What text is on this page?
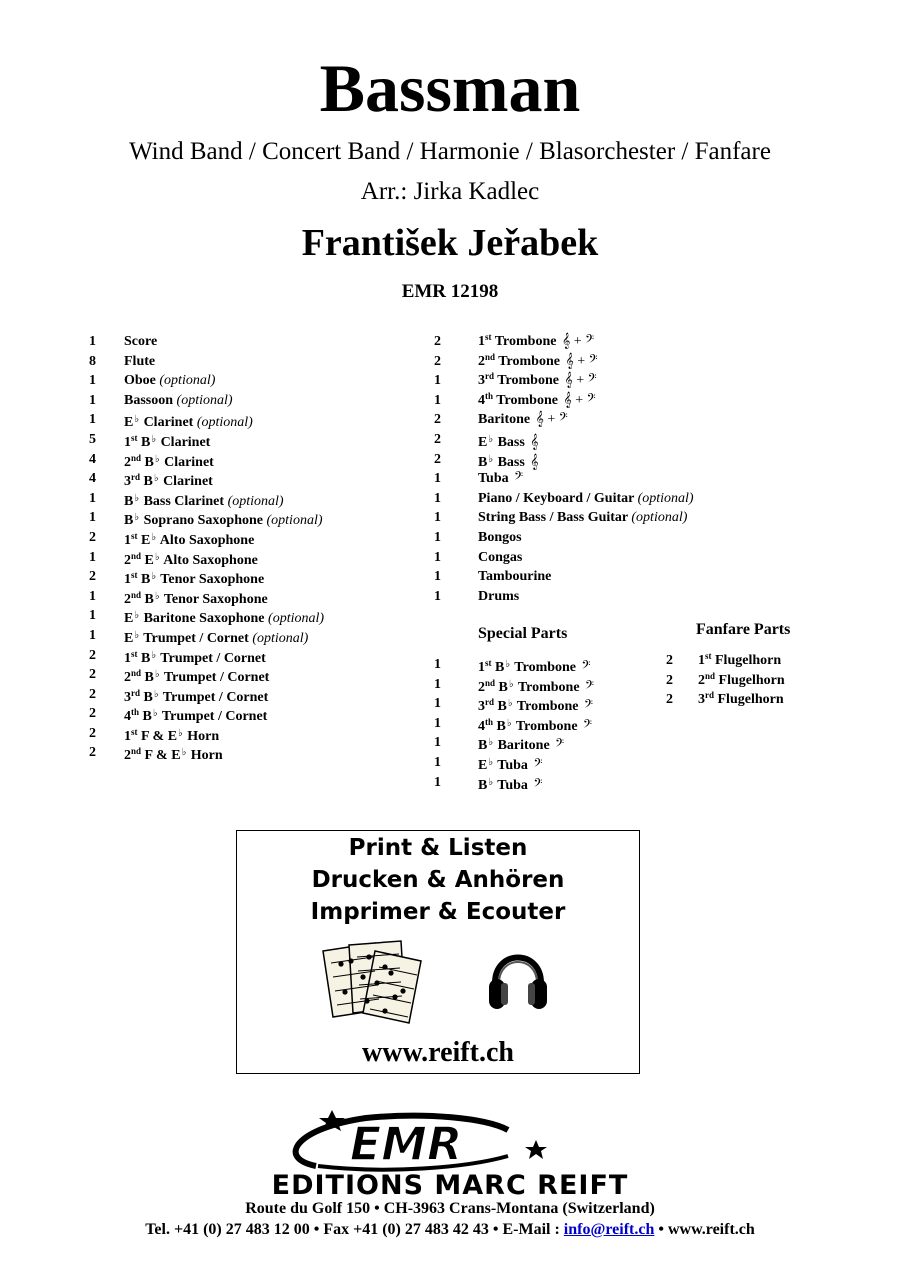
Bassman
Wind Band / Concert Band / Harmonie / Blasorchester / Fanfare
Arr.: Jirka Kadlec
František Jeřabek
EMR 12198
1 Score
8 Flute
1 Oboe (optional)
1 Bassoon (optional)
1 E♭ Clarinet (optional)
5 1st B♭ Clarinet
4 2nd B♭ Clarinet
4 3rd B♭ Clarinet
1 B♭ Bass Clarinet (optional)
1 B♭ Soprano Saxophone (optional)
2 1st E♭ Alto Saxophone
1 2nd E♭ Alto Saxophone
2 1st B♭ Tenor Saxophone
1 2nd B♭ Tenor Saxophone
1 E♭ Baritone Saxophone (optional)
1 E♭ Trumpet / Cornet (optional)
2 1st B♭ Trumpet / Cornet
2 2nd B♭ Trumpet / Cornet
2 3rd B♭ Trumpet / Cornet
2 4th B♭ Trumpet / Cornet
2 1st F & E♭ Horn
2 2nd F & E♭ Horn
2	1st Trombone 𝄞 + 𝄢
2	2nd Trombone 𝄞 + 𝄢
1	3rd Trombone 𝄞 + 𝄢
1	4th Trombone 𝄞 + 𝄢
2	Baritone 𝄞 + 𝄢
2	E♭ Bass 𝄞
2	B♭ Bass 𝄞
1	Tuba 𝄢
1	Piano / Keyboard / Guitar (optional)
1	String Bass / Bass Guitar (optional)
1	Bongos
1	Congas
1	Tambourine
1	Drums
Special Parts
1	1st B♭ Trombone 𝄢
1	2nd B♭ Trombone 𝄢
1	3rd B♭ Trombone 𝄢
1	4th B♭ Trombone 𝄢
1	B♭ Baritone 𝄢
1	E♭ Tuba 𝄢
1	B♭ Tuba 𝄢
Fanfare Parts
2 1st Flugelhorn
2 2nd Flugelhorn
2 3rd Flugelhorn
Print & Listen
Drucken & Anhören
Imprimer & Ecouter
www.reift.ch
EMR
EDITIONS MARC REIFT
Route du Golf 150 • CH-3963 Crans-Montana (Switzerland)
Tel. +41 (0) 27 483 12 00 • Fax +41 (0) 27 483 42 43 • E-Mail : info@reift.ch • www.reift.ch
